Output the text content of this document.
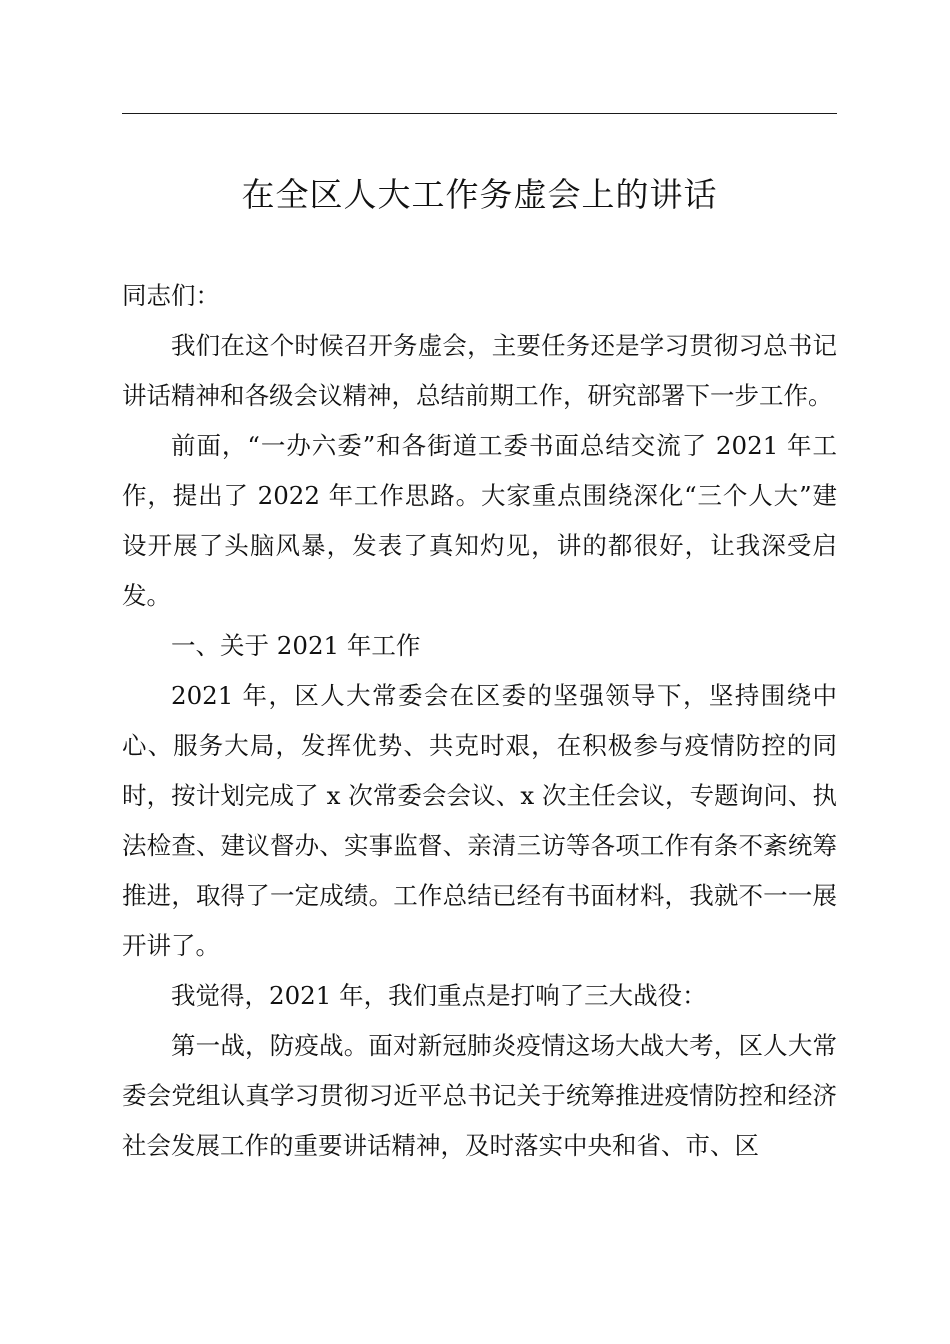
在全区人大工作务虚会上的讲话

同志们：

我们在这个时候召开务虚会，主要任务还是学习贯彻习总书记讲话精神和各级会议精神，总结前期工作，研究部署下一步工作。

前面，“一办六委”和各街道工委书面总结交流了 2021 年工作，提出了 2022 年工作思路。大家重点围绕深化“三个人大”建设开展了头脑风暴，发表了真知灼见，讲的都很好，让我深受启发。

一、关于 2021 年工作

2021 年，区人大常委会在区委的坚强领导下，坚持围绕中心、服务大局，发挥优势、共克时艰，在积极参与疫情防控的同时，按计划完成了 x 次常委会会议、x 次主任会议，专题询问、执法检查、建议督办、实事监督、亲清三访等各项工作有条不紊统筹推进，取得了一定成绩。工作总结已经有书面材料，我就不一一展开讲了。

我觉得，2021 年，我们重点是打响了三大战役：

第一战，防疫战。面对新冠肺炎疫情这场大战大考，区人大常委会党组认真学习贯彻习近平总书记关于统筹推进疫情防控和经济社会发展工作的重要讲话精神，及时落实中央和省、市、区
